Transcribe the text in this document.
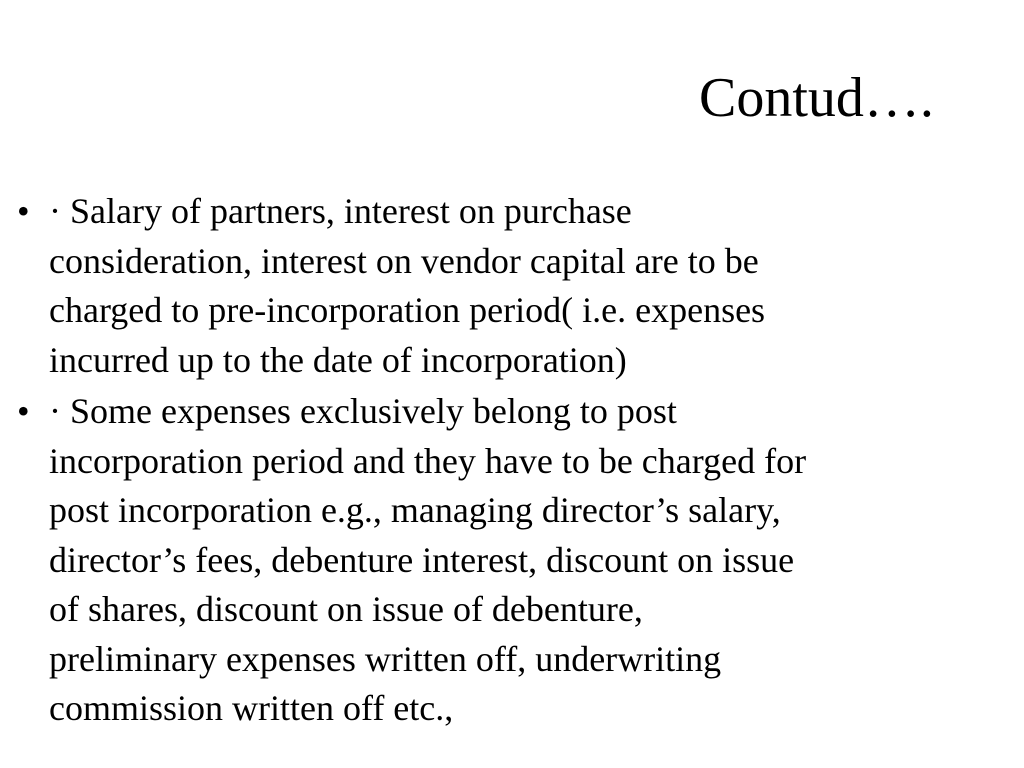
Contud….
• · Salary of partners, interest on purchase
consideration, interest on vendor capital are to be
charged to pre-incorporation period( i.e. expenses
incurred up to the date of incorporation)
• · Some expenses exclusively belong to post
incorporation period and they have to be charged for
post incorporation e.g., managing director’s salary,
director’s fees, debenture interest, discount on issue
of shares, discount on issue of debenture,
preliminary expenses written off, underwriting
commission written off etc.,
